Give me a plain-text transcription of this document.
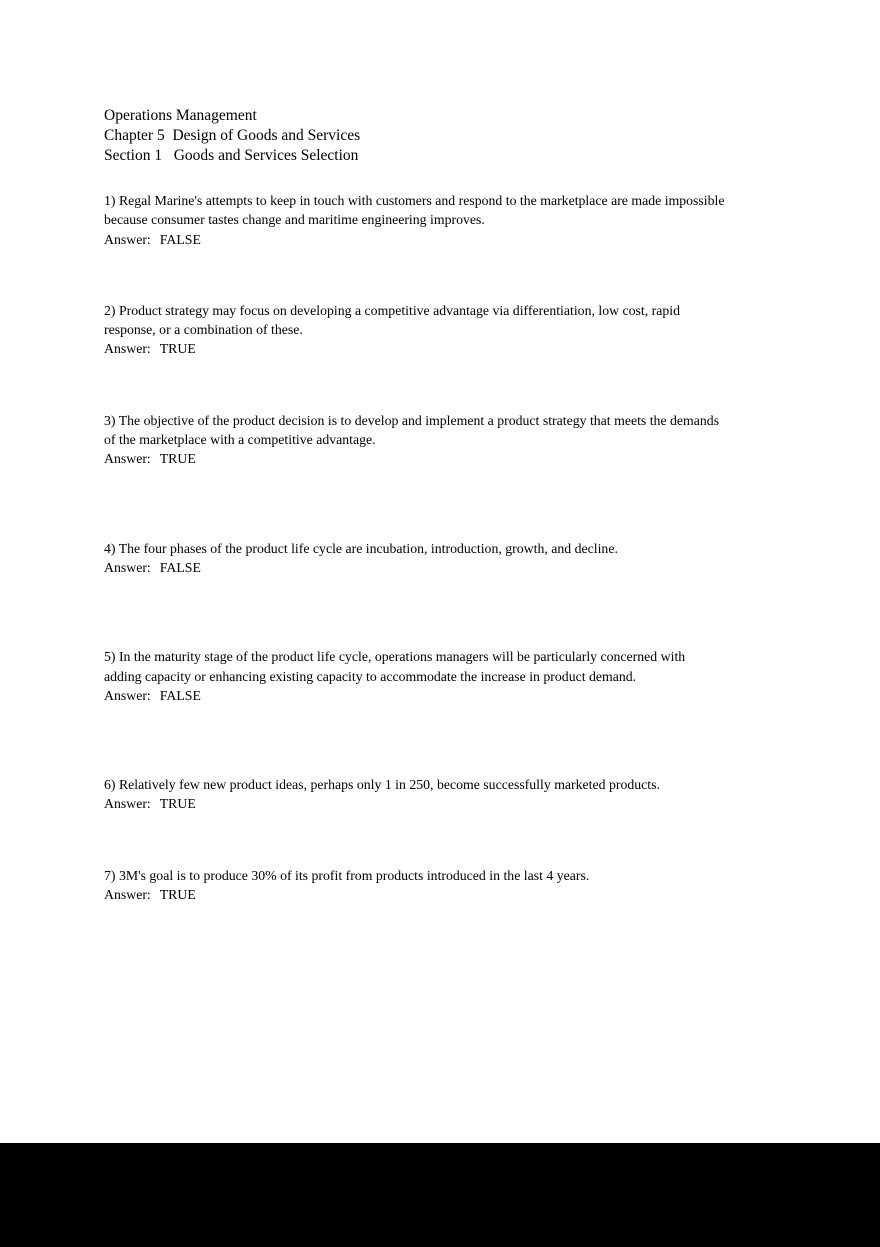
Operations Management

Chapter 5  Design of Goods and Services

Section 1   Goods and Services Selection

1) Regal Marine's attempts to keep in touch with customers and respond to the marketplace are made impossible because consumer tastes change and maritime engineering improves.

Answer: FALSE

2) Product strategy may focus on developing a competitive advantage via differentiation, low cost, rapid response, or a combination of these.

Answer: TRUE

3) The objective of the product decision is to develop and implement a product strategy that meets the demands of the marketplace with a competitive advantage.

Answer: TRUE

4) The four phases of the product life cycle are incubation, introduction, growth, and decline.

Answer: FALSE

5) In the maturity stage of the product life cycle, operations managers will be particularly concerned with adding capacity or enhancing existing capacity to accommodate the increase in product demand.

Answer: FALSE

6) Relatively few new product ideas, perhaps only 1 in 250, become successfully marketed products.

Answer: TRUE

7) 3M's goal is to produce 30% of its profit from products introduced in the last 4 years.

Answer: TRUE
